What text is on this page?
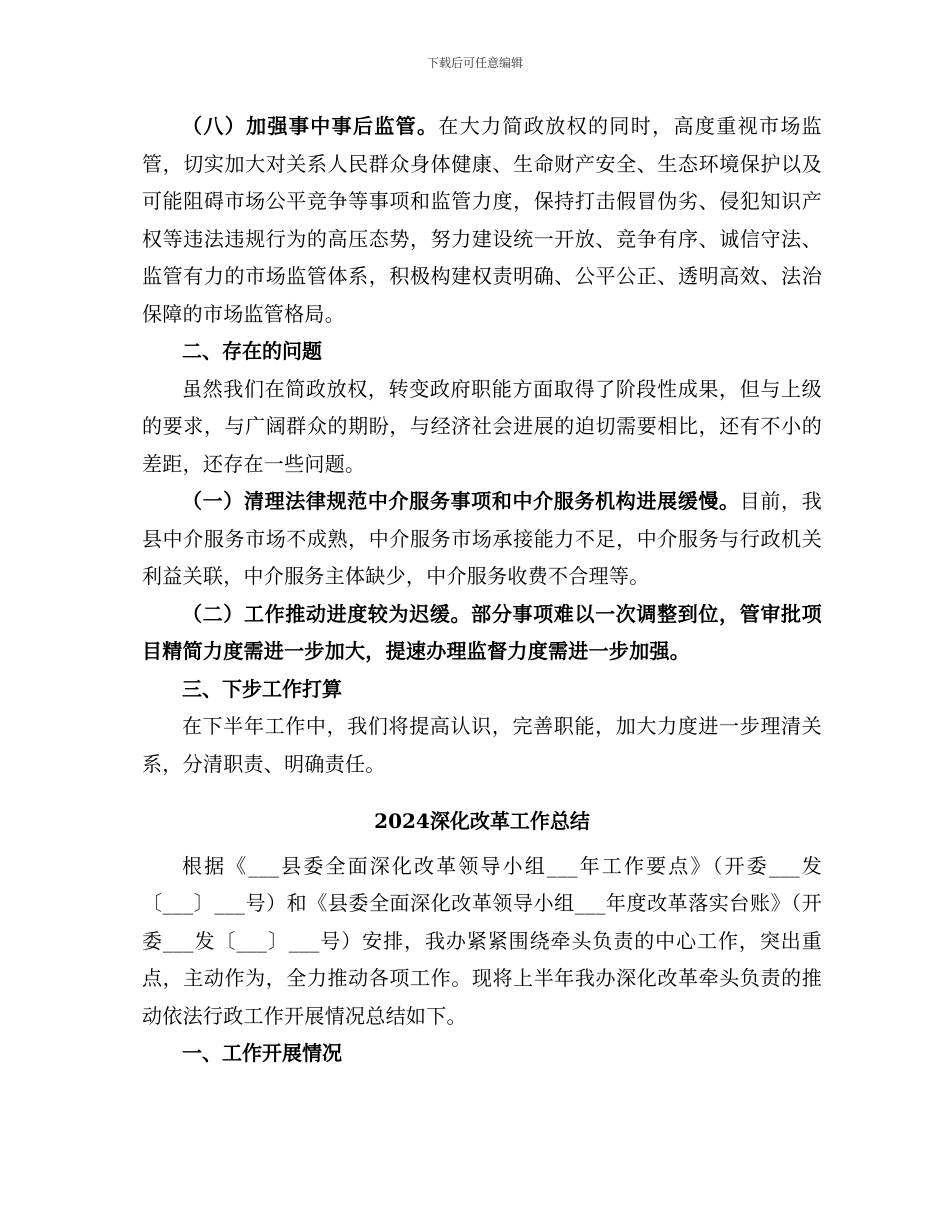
下载后可任意编辑

（八）加强事中事后监管。在大力简政放权的同时，高度重视市场监管，切实加大对关系人民群众身体健康、生命财产安全、生态环境保护以及可能阻碍市场公平竞争等事项和监管力度，保持打击假冒伪劣、侵犯知识产权等违法违规行为的高压态势，努力建设统一开放、竞争有序、诚信守法、监管有力的市场监管体系，积极构建权责明确、公平公正、透明高效、法治保障的市场监管格局。

二、存在的问题

虽然我们在简政放权，转变政府职能方面取得了阶段性成果，但与上级的要求，与广阔群众的期盼，与经济社会进展的迫切需要相比，还有不小的差距，还存在一些问题。

（一）清理法律规范中介服务事项和中介服务机构进展缓慢。目前，我县中介服务市场不成熟，中介服务市场承接能力不足，中介服务与行政机关利益关联，中介服务主体缺少，中介服务收费不合理等。

（二）工作推动进度较为迟缓。部分事项难以一次调整到位，管审批项目精简力度需进一步加大，提速办理监督力度需进一步加强。

三、下步工作打算

在下半年工作中，我们将提高认识，完善职能，加大力度进一步理清关系，分清职责、明确责任。

2024深化改革工作总结

根据《___县委全面深化改革领导小组___年工作要点》（开委___发〔___〕___号）和《县委全面深化改革领导小组___年度改革落实台账》（开委___发〔___〕___号）安排，我办紧紧围绕牵头负责的中心工作，突出重点，主动作为，全力推动各项工作。现将上半年我办深化改革牵头负责的推动依法行政工作开展情况总结如下。

一、工作开展情况
